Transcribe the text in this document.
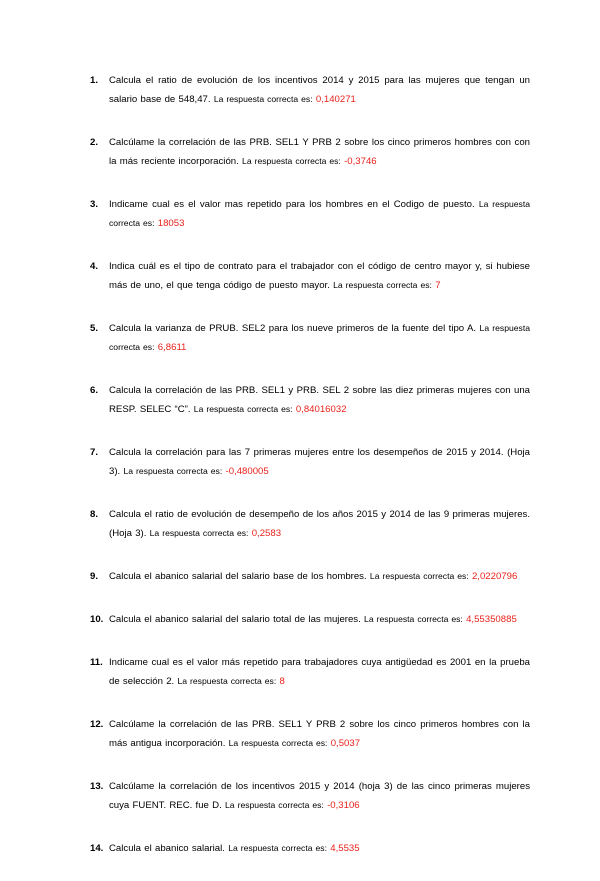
1.	Calcula el ratio de evolución de los incentivos 2014 y 2015 para las mujeres que tengan un salario base de 548,47. La respuesta correcta es: 0,140271
2.	Calcúlame la correlación de las PRB. SEL1 Y PRB 2 sobre los cinco primeros hombres con con la más reciente incorporación. La respuesta correcta es: -0,3746
3.	Indicame cual es el valor mas repetido para los hombres en el Codigo de puesto. La respuesta correcta es: 18053
4.	Indica cuál es el tipo de contrato para el trabajador con el código de centro mayor y, si hubiese más de uno, el que tenga código de puesto mayor. La respuesta correcta es: 7
5.	Calcula la varianza de PRUB. SEL2 para los nueve primeros de la fuente del tipo A. La respuesta correcta es: 6,8611
6.	Calcula la correlación de las PRB. SEL1 y PRB. SEL 2 sobre las diez primeras mujeres con una RESP. SELEC “C”. La respuesta correcta es: 0,84016032
7.	Calcula la correlación para las 7 primeras mujeres entre los desempeños de 2015 y 2014. (Hoja 3). La respuesta correcta es: -0,480005
8.	Calcula el ratio de evolución de desempeño de los años 2015 y 2014 de las 9 primeras mujeres. (Hoja 3). La respuesta correcta es: 0,2583
9.	Calcula el abanico salarial del salario base de los hombres. La respuesta correcta es: 2,0220796
10. Calcula el abanico salarial del salario total de las mujeres. La respuesta correcta es: 4,55350885
11. Indicame cual es el valor más repetido para trabajadores cuya antigüedad es 2001 en la prueba de selección 2. La respuesta correcta es: 8
12. Calcúlame la correlación de las PRB. SEL1 Y PRB 2 sobre los cinco primeros hombres con la más antigua incorporación. La respuesta correcta es: 0,5037
13. Calcúlame la correlación de los incentivos 2015 y 2014 (hoja 3) de las cinco primeras mujeres cuya FUENT. REC. fue D. La respuesta correcta es: -0,3106
14. Calcula el abanico salarial. La respuesta correcta es: 4,5535
